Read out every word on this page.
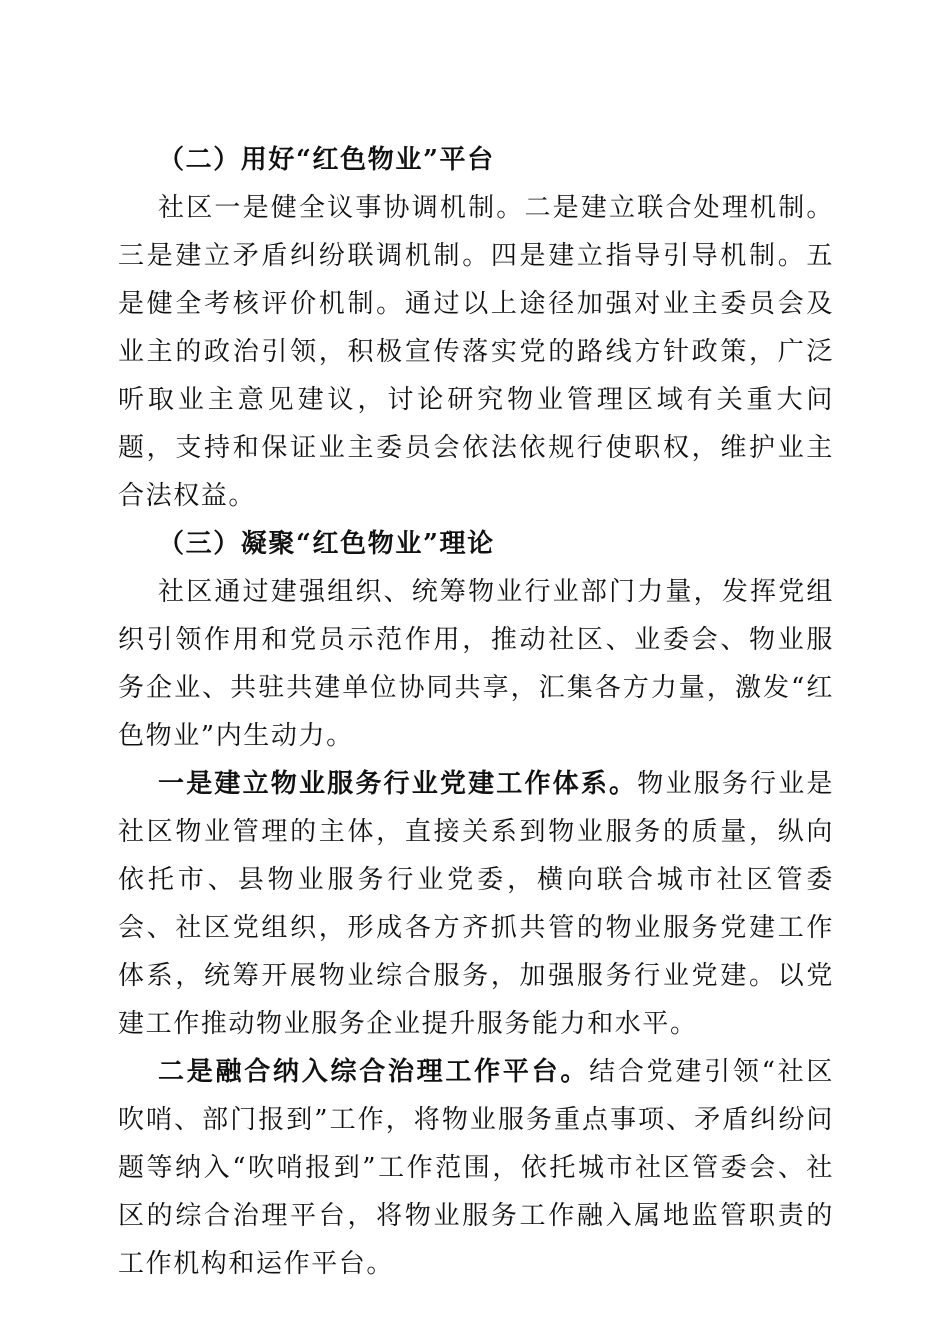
（二）用好“红色物业”平台

社区一是健全议事协调机制。二是建立联合处理机制。三是建立矛盾纠纷联调机制。四是建立指导引导机制。五是健全考核评价机制。通过以上途径加强对业主委员会及业主的政治引领，积极宣传落实党的路线方针政策，广泛听取业主意见建议，讨论研究物业管理区域有关重大问题，支持和保证业主委员会依法依规行使职权，维护业主合法权益。

（三）凝聚“红色物业”理论

社区通过建强组织、统筹物业行业部门力量，发挥党组织引领作用和党员示范作用，推动社区、业委会、物业服务企业、共驻共建单位协同共享，汇集各方力量，激发“红色物业”内生动力。

一是建立物业服务行业党建工作体系。物业服务行业是社区物业管理的主体，直接关系到物业服务的质量，纵向依托市、县物业服务行业党委，横向联合城市社区管委会、社区党组织，形成各方齐抓共管的物业服务党建工作体系，统筹开展物业综合服务，加强服务行业党建。以党建工作推动物业服务企业提升服务能力和水平。

二是融合纳入综合治理工作平台。结合党建引领“社区吹哨、部门报到”工作，将物业服务重点事项、矛盾纠纷问题等纳入“吹哨报到”工作范围，依托城市社区管委会、社区的综合治理平台，将物业服务工作融入属地监管职责的工作机构和运作平台。
